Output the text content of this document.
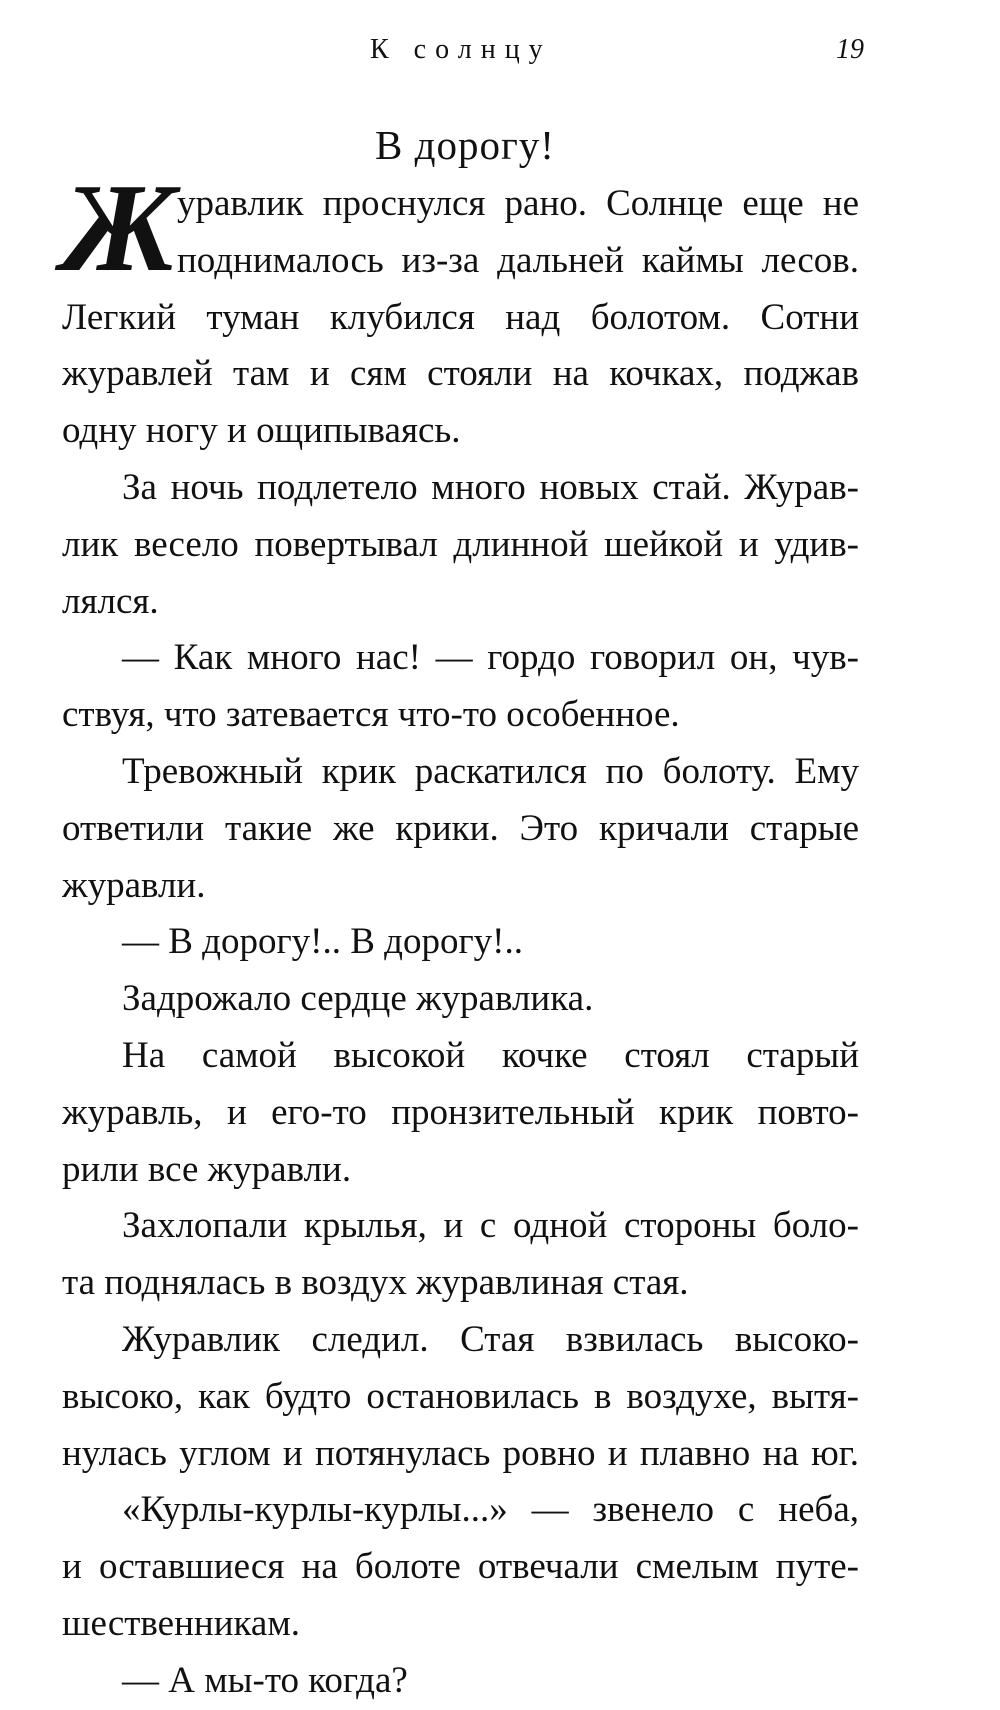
К солнцу	19
В дорогу!
Ж уравлик проснулся рано. Солнце еще не
поднималось из-за дальней каймы лесов.
Легкий туман клубился над болотом. Сотни
журавлей там и сям стояли на кочках, поджав
одну ногу и ощипываясь.
За ночь подлетело много новых стай. Журав-
лик весело повертывал длинной шейкой и удив-
лялся.
— Как много нас! — гордо говорил он, чув-
ствуя, что затевается что-то особенное.
Тревожный крик раскатился по болоту. Ему
ответили такие же крики. Это кричали старые
журавли.
— В дорогу!.. В дорогу!..
Задрожало сердце журавлика.
На самой высокой кочке стоял старый
журавль, и его-то пронзительный крик повто-
рили все журавли.
Захлопали крылья, и с одной стороны боло-
та поднялась в воздух журавлиная стая.
Журавлик следил. Стая взвилась высоко-
высоко, как будто остановилась в воздухе, вытя-
нулась углом и потянулась ровно и плавно на юг.
«Курлы-курлы-курлы...» — звенело с неба,
и оставшиеся на болоте отвечали смелым путе-
шественникам.
— А мы-то когда?
